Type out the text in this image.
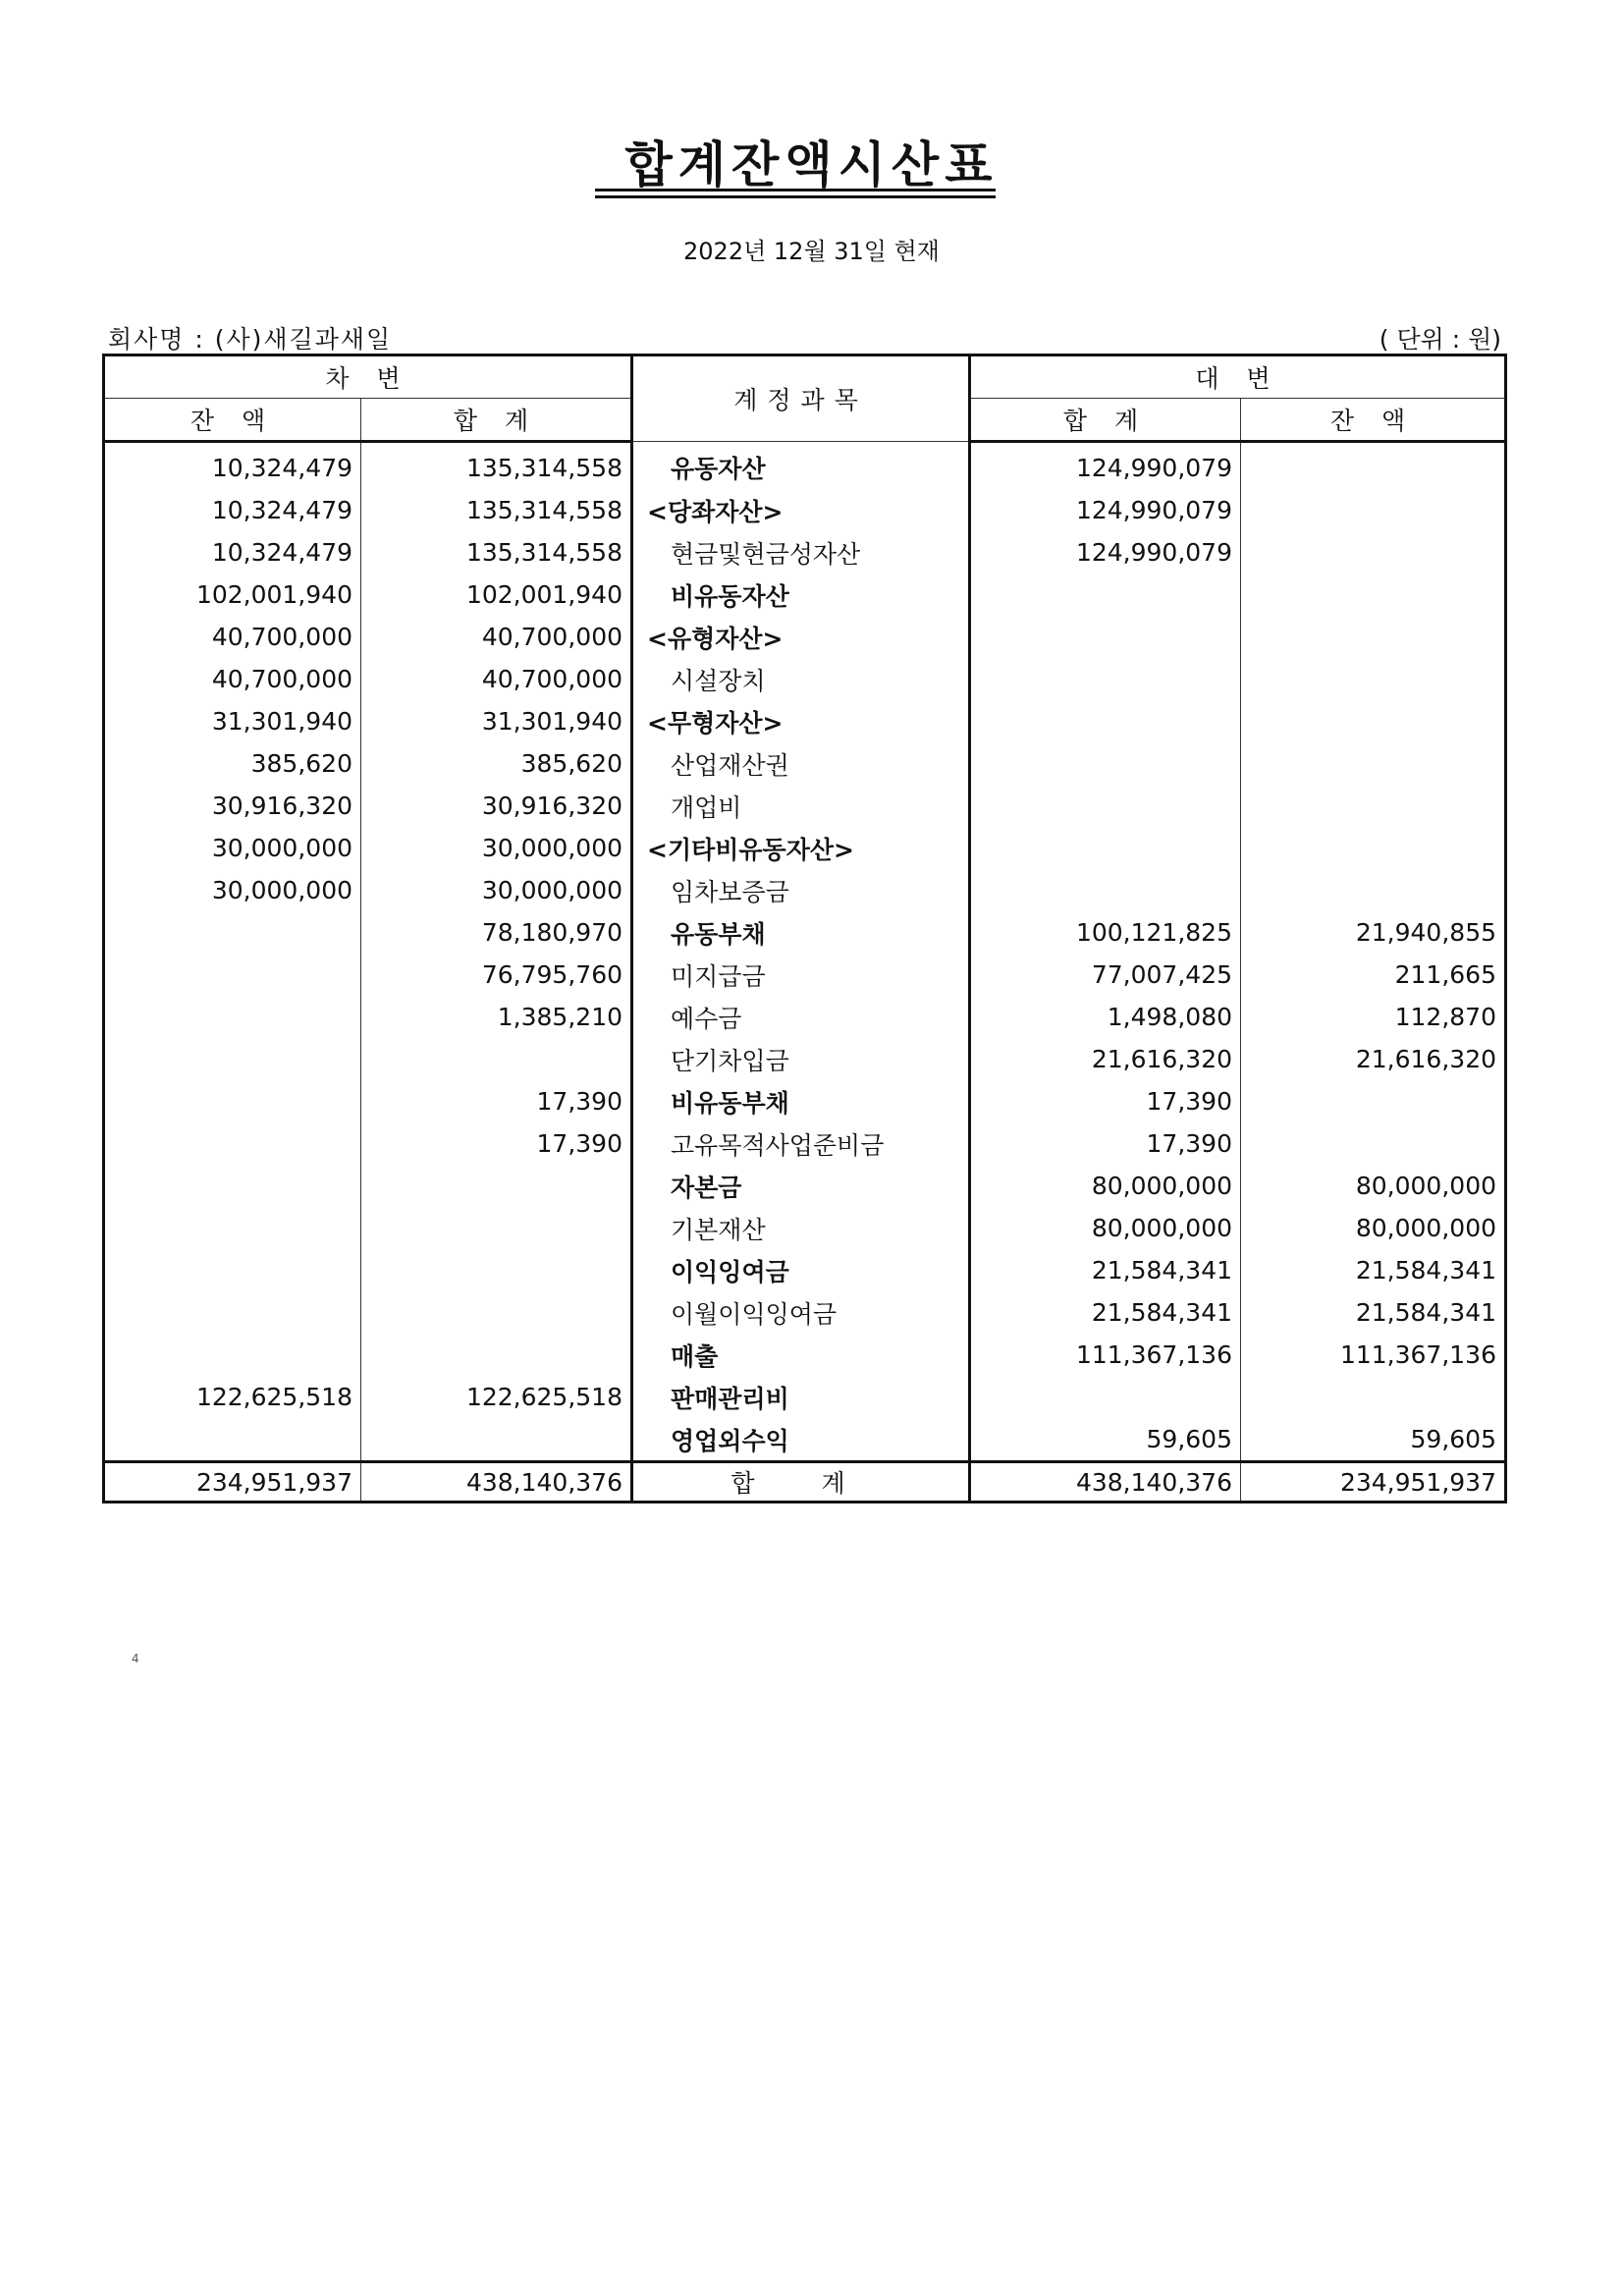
합계잔액시산표
2022년 12월 31일 현재
회사명 : (사)새길과새일	( 단위 : 원)
차 변		계정과목	대 변	
잔 액	합 계		합 계	잔 액
10,324,479	135,314,558	유동자산	124,990,079	
10,324,479	135,314,558	<당좌자산>	124,990,079	
10,324,479	135,314,558	현금및현금성자산	124,990,079	
102,001,940	102,001,940	비유동자산		
40,700,000	40,700,000	<유형자산>		
40,700,000	40,700,000	시설장치		
31,301,940	31,301,940	<무형자산>		
385,620	385,620	산업재산권		
30,916,320	30,916,320	개업비		
30,000,000	30,000,000	<기타비유동자산>		
30,000,000	30,000,000	임차보증금		
	78,180,970	유동부채	100,121,825	21,940,855
	76,795,760	미지급금	77,007,425	211,665
	1,385,210	예수금	1,498,080	112,870
		단기차입금	21,616,320	21,616,320
	17,390	비유동부채	17,390	
	17,390	고유목적사업준비금	17,390	
		자본금	80,000,000	80,000,000
		기본재산	80,000,000	80,000,000
		이익잉여금	21,584,341	21,584,341
		이월이익잉여금	21,584,341	21,584,341
		매출	111,367,136	111,367,136
122,625,518	122,625,518	판매관리비		
		영업외수익	59,605	59,605
234,951,937	438,140,376	합 계	438,140,376	234,951,937
4
